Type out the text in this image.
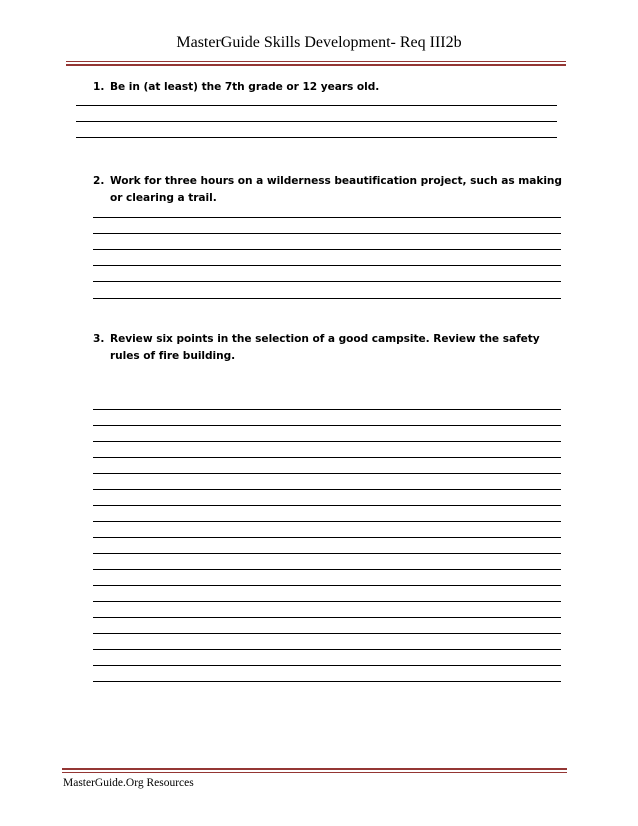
MasterGuide Skills Development- Req III2b
1. Be in (at least) the 7th grade or 12 years old.
2. Work for three hours on a wilderness beautification project, such as making or clearing a trail.
3. Review six points in the selection of a good campsite. Review the safety rules of fire building.
MasterGuide.Org Resources
